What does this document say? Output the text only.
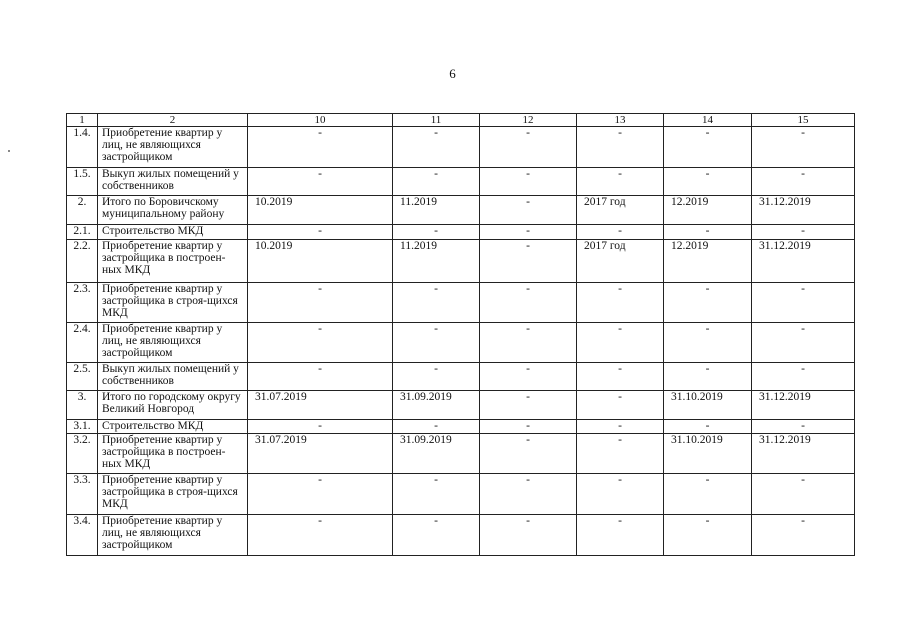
6
1	2	10	11	12	13	14	15
1.4.	Приобретение квартир у лиц, не являющихся застройщиком	-	-	-	-	-	-
1.5.	Выкуп жилых помещений у собственников	-	-	-	-	-	-
2.	Итого по Боровичскому муниципальному району	10.2019	11.2019	-	2017 год	12.2019	31.12.2019
2.1.	Строительство МКД	-	-	-	-	-	-
2.2.	Приобретение квартир у застройщика в построен-ных МКД	10.2019	11.2019	-	2017 год	12.2019	31.12.2019
2.3.	Приобретение квартир у застройщика в строя-щихся МКД	-	-	-	-	-	-
2.4.	Приобретение квартир у лиц, не являющихся застройщиком	-	-	-	-	-	-
2.5.	Выкуп жилых помещений у собственников	-	-	-	-	-	-
3.	Итого по городскому округу Великий Новгород	31.07.2019	31.09.2019	-	-	31.10.2019	31.12.2019
3.1.	Строительство МКД	-	-	-	-	-	-
3.2.	Приобретение квартир у застройщика в построен-ных МКД	31.07.2019	31.09.2019	-	-	31.10.2019	31.12.2019
3.3.	Приобретение квартир у застройщика в строя-щихся МКД	-	-	-	-	-	-
3.4.	Приобретение квартир у лиц, не являющихся застройщиком	-	-	-	-	-	-
